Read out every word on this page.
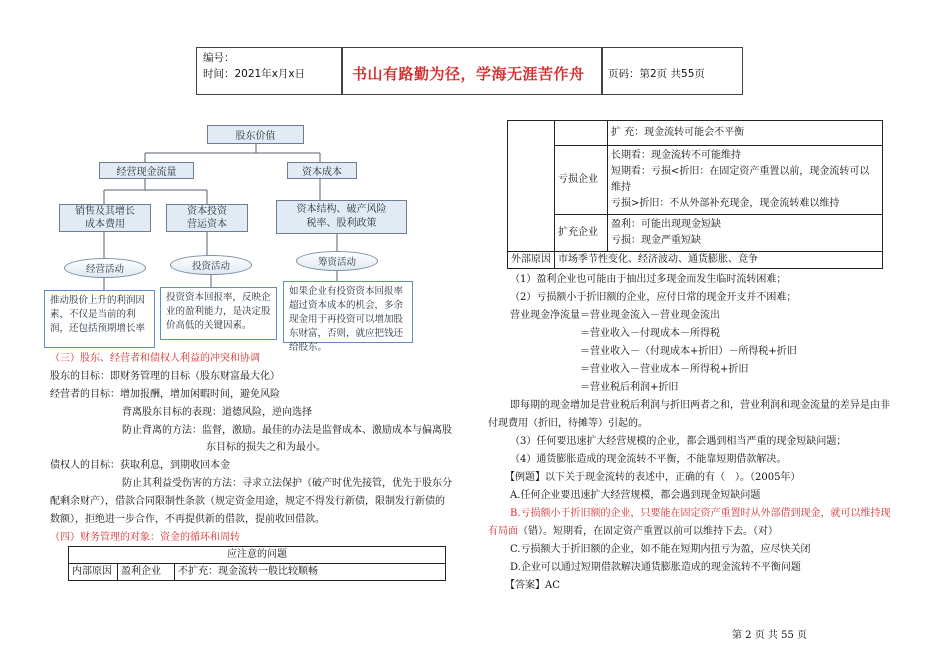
编号：
时间：2021年x月x日	书山有路勤为径，学海无涯苦作舟 页码：第2页 共55页
股东价值
经营现金流量	资本成本
销售及其增长
成本费用
资本投资
营运资本
资本结构、破产风险
税率、股利政策
经营活动	投资活动	筹资活动
推动股价上升的利润因素，不仅是当前的利润，还包括预期增长率
投资资本回报率，反映企业的盈利能力，是决定股价高低的关键因素。
如果企业有投资资本回报率超过资本成本的机会，多余现金用于再投资可以增加股东财富，否则，就应把钱还给股东。
（三）股东、经营者和债权人利益的冲突和协调
股东的目标：即财务管理的目标（股东财富最大化）
经营者的目标：增加报酬，增加闲暇时间，避免风险
背离股东目标的表现：道德风险，逆向选择
防止背离的方法：监督，激励。最佳的办法是监督成本、激励成本与偏离股
东目标的损失之和为最小。
债权人的目标：获取利息，到期收回本金
防止其利益受伤害的方法：寻求立法保护（破产时优先接管，优先于股东分
配剩余财产），借款合同限制性条款（规定资金用途，规定不得发行新债，限制发行新债的
数额），拒绝进一步合作，不再提供新的借款，提前收回借款。
（四）财务管理的对象：资金的循环和周转
应注意的问题
内部原因	盈利企业	不扩充：现金流转一般比较顺畅
		扩 充：现金流转可能会不平衡
	亏损企业	长期看：现金流转不可能维持
短期看：亏损<折旧：在固定资产重置以前，现金流转可以
维持
亏损>折旧：不从外部补充现金，现金流转难以维持

	扩充企业	盈利：可能出现现金短缺
亏损：现金严重短缺

外部原因	市场季节性变化、经济波动、通货膨胀、竞争	
（1）盈利企业也可能由于抽出过多现金而发生临时流转困难；
（2）亏损额小于折旧额的企业，应付日常的现金开支并不困难；
营业现金净流量＝营业现金流入－营业现金流出
＝营业收入－付现成本－所得税
＝营业收入－（付现成本+折旧）－所得税+折旧
＝营业收入－营业成本－所得税+折旧
＝营业税后利润+折旧
即每期的现金增加是营业税后利润与折旧两者之和，营业利润和现金流量的差异是由非
付现费用（折旧，待摊等）引起的。
（3）任何要迅速扩大经营规模的企业，都会遇到相当严重的现金短缺问题；
（4）通货膨胀造成的现金流转不平衡，不能靠短期借款解决。
【例题】以下关于现金流转的表述中，正确的有（　）。（2005年）
A.任何企业要迅速扩大经营规模，都会遇到现金短缺问题
B.亏损额小于折旧额的企业，只要能在固定资产重置时从外部借到现金，就可以维持现
有局面（错）。短期看，在固定资产重置以前可以维持下去。（对）
C.亏损额大于折旧额的企业，如不能在短期内扭亏为盈，应尽快关闭
D.企业可以通过短期借款解决通货膨胀造成的现金流转不平衡问题
【答案】AC
第 2 页 共 55 页
